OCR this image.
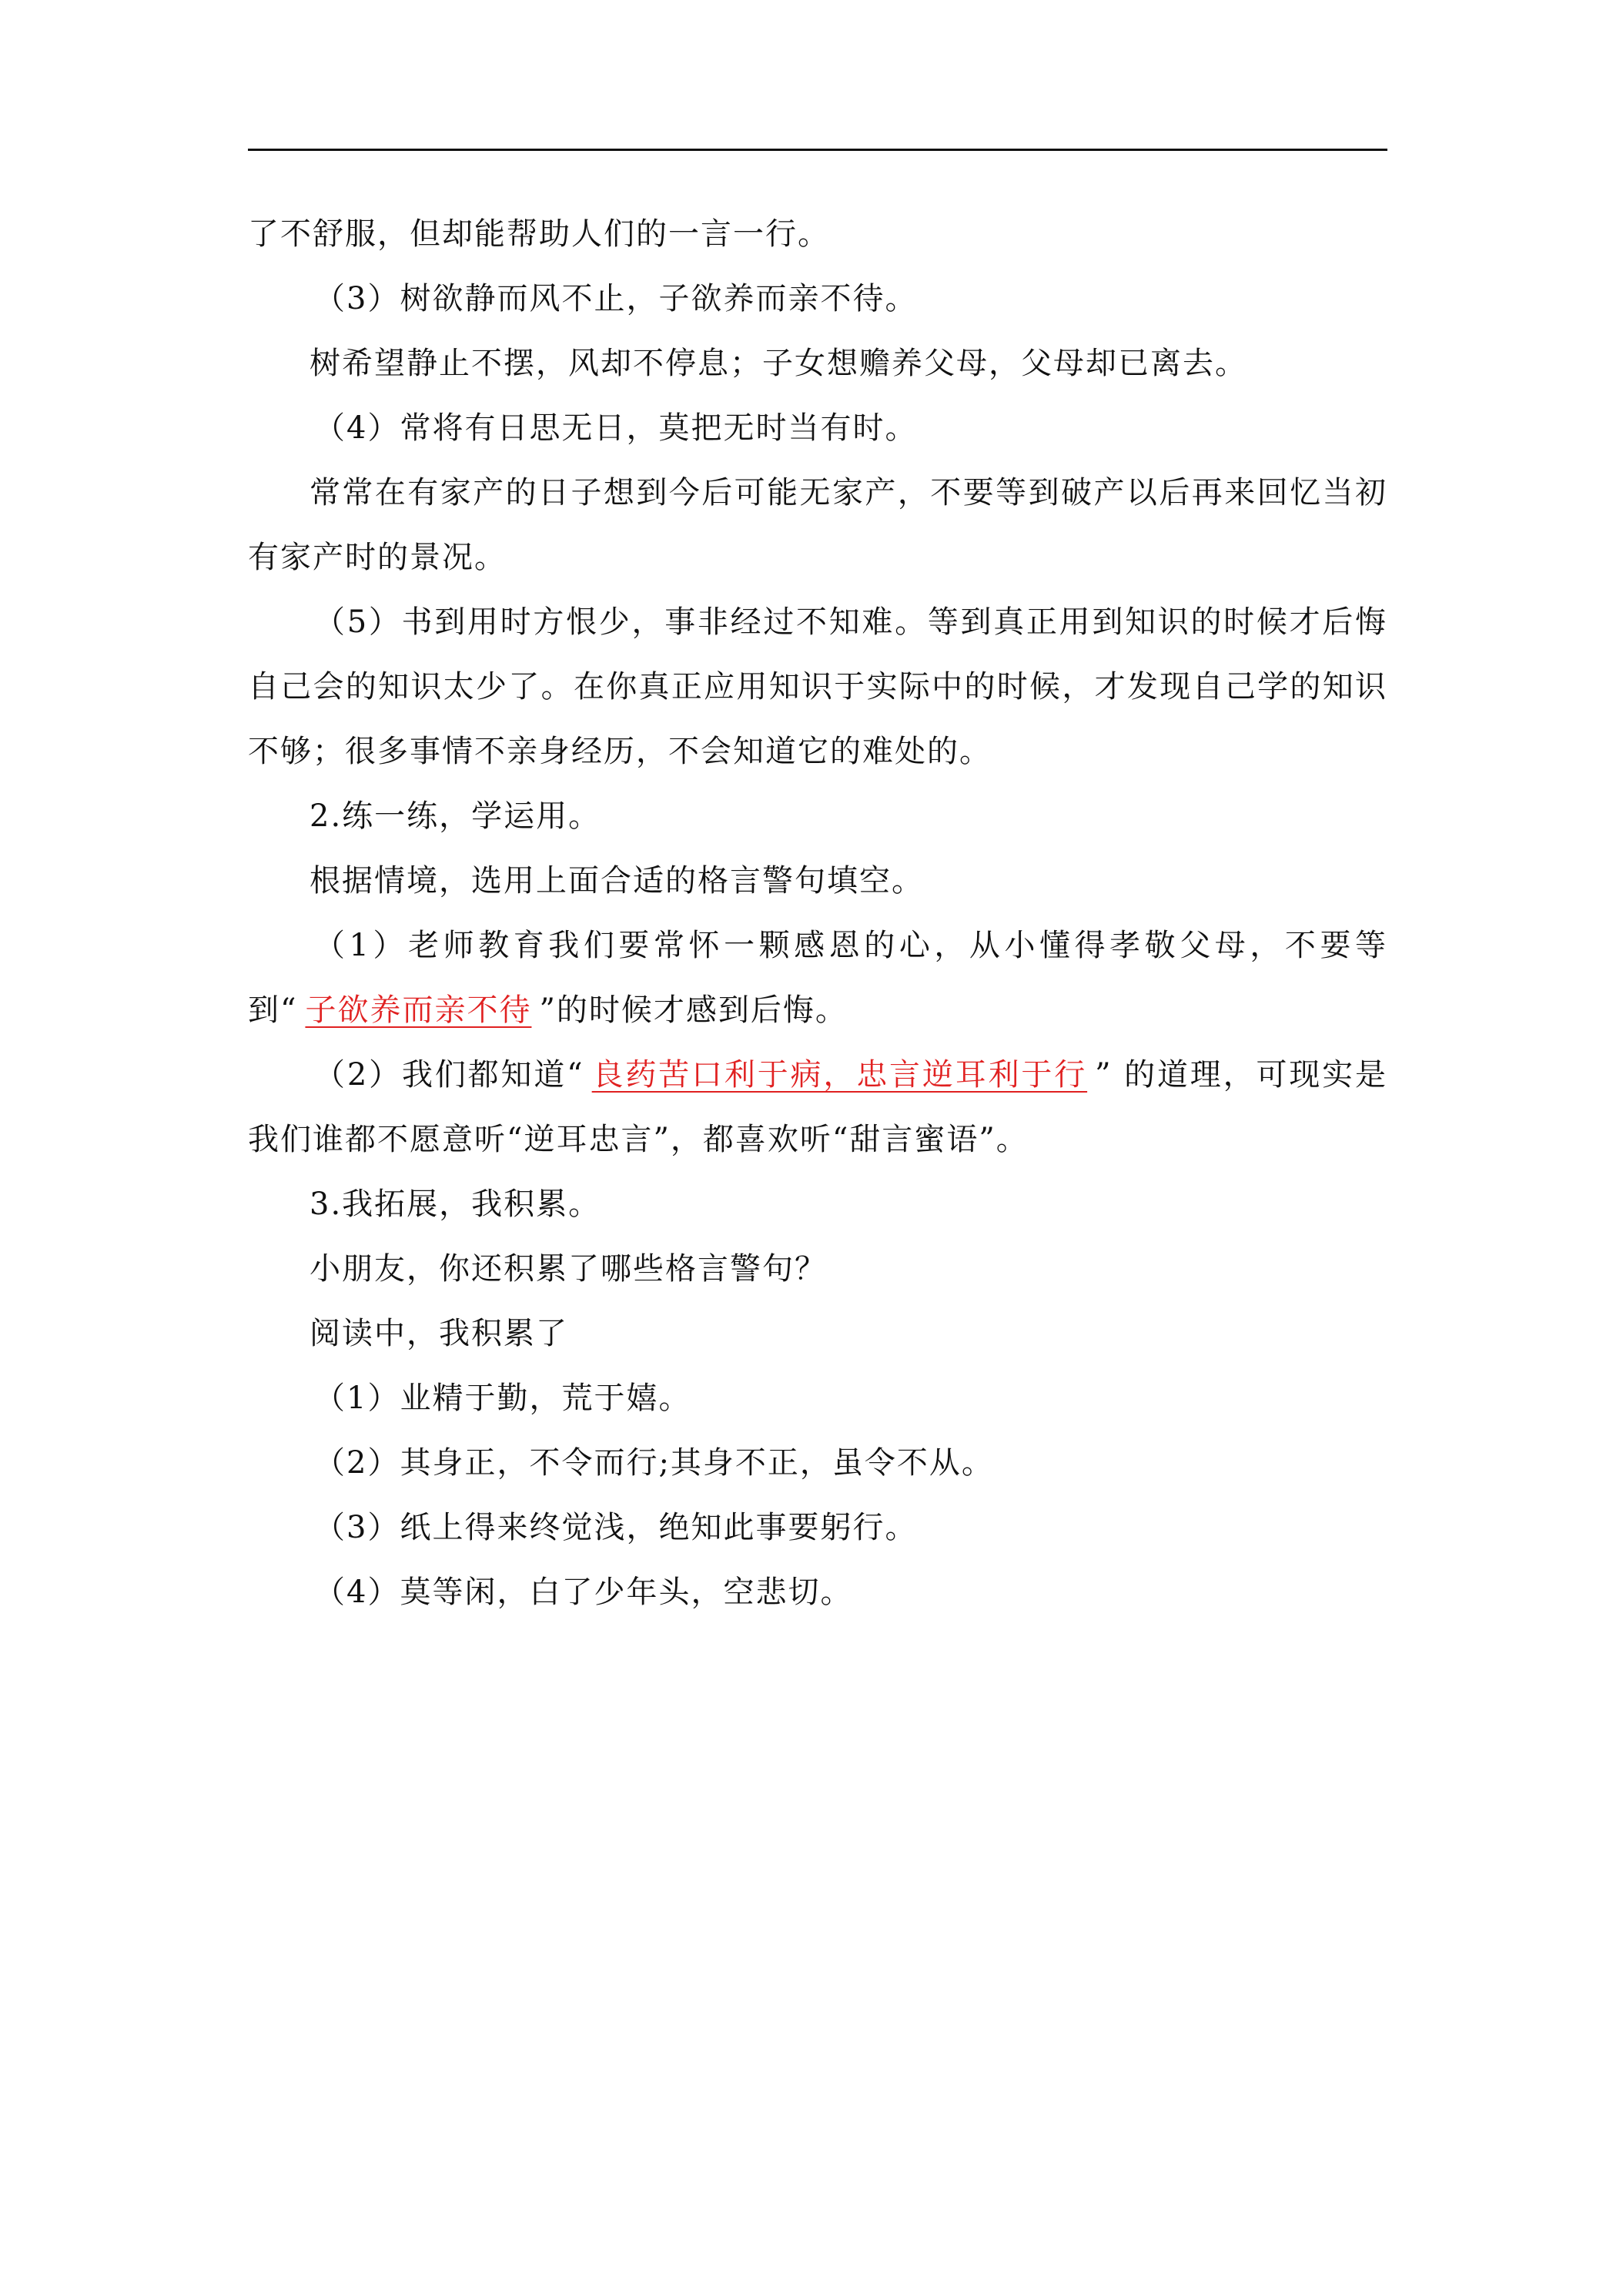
了不舒服，但却能帮助人们的一言一行。

（3）树欲静而风不止，子欲养而亲不待。

树希望静止不摆，风却不停息；子女想赡养父母，父母却已离去。

（4）常将有日思无日，莫把无时当有时。

常常在有家产的日子想到今后可能无家产，不要等到破产以后再来回忆当初有家产时的景况。

（5）书到用时方恨少，事非经过不知难。等到真正用到知识的时候才后悔自己会的知识太少了。在你真正应用知识于实际中的时候，才发现自己学的知识不够；很多事情不亲身经历，不会知道它的难处的。

2.练一练，学运用。

根据情境，选用上面合适的格言警句填空。

（1）老师教育我们要常怀一颗感恩的心，从小懂得孝敬父母，不要等到“ 子欲养而亲不待 ”的时候才感到后悔。

（2）我们都知道“ 良药苦口利于病，忠言逆耳利于行 ” 的道理，可现实是我们谁都不愿意听“逆耳忠言”，都喜欢听“甜言蜜语”。

3.我拓展，我积累。

小朋友，你还积累了哪些格言警句？

阅读中，我积累了

（1）业精于勤，荒于嬉。

（2）其身正，不令而行;其身不正，虽令不从。

（3）纸上得来终觉浅，绝知此事要躬行。

（4）莫等闲，白了少年头，空悲切。
